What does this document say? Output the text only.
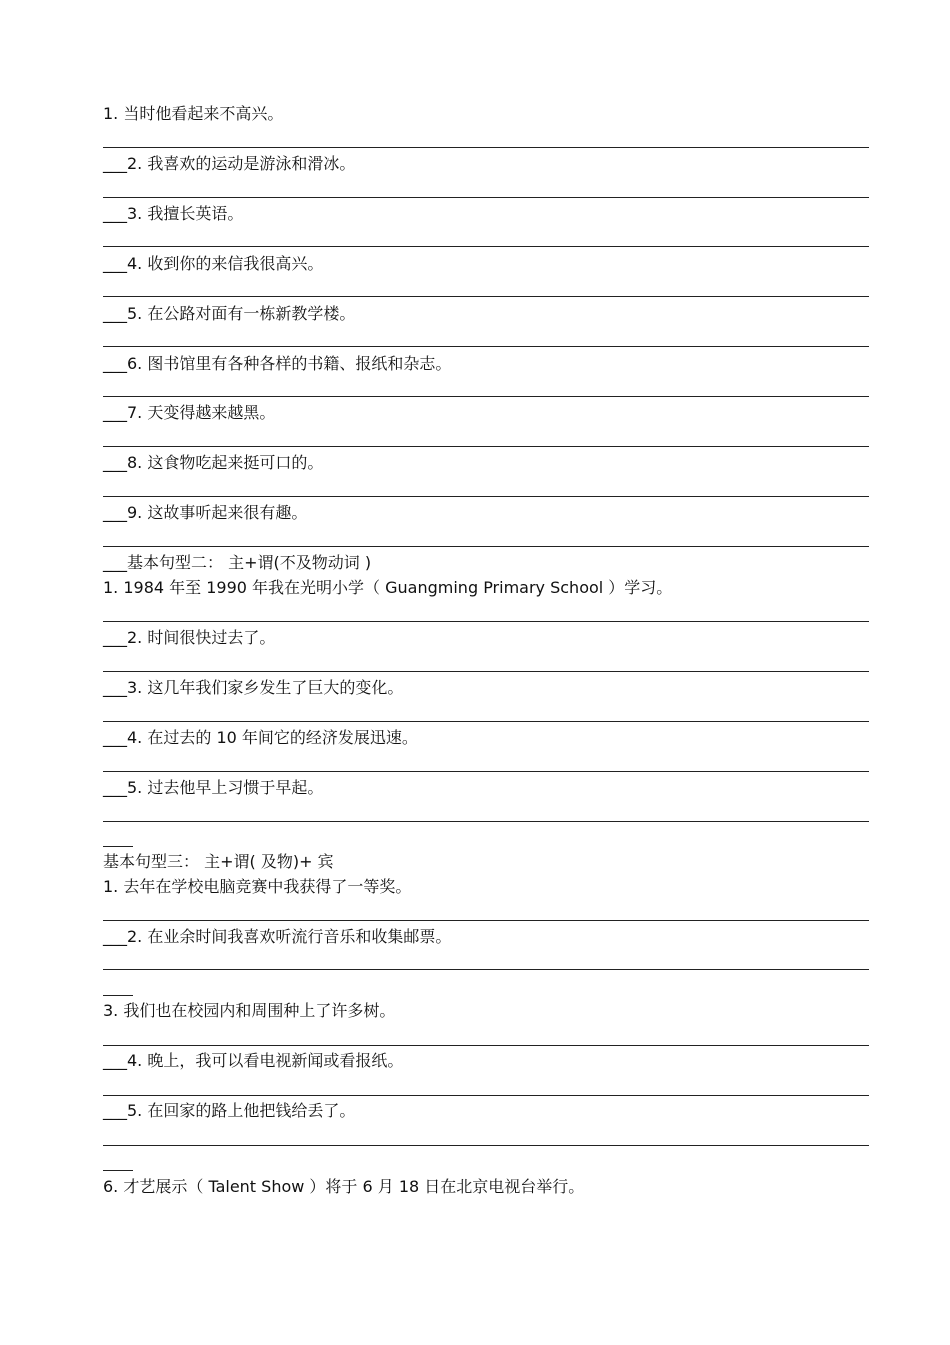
1. 当时他看起来不高兴。
___2. 我喜欢的运动是游泳和滑冰。
___3. 我擅长英语。
___4. 收到你的来信我很高兴。
___5. 在公路对面有一栋新教学楼。
___6. 图书馆里有各种各样的书籍、报纸和杂志。
___7. 天变得越来越黑。
___8. 这食物吃起来挺可口的。
___9. 这故事听起来很有趣。
___基本句型二： 主+谓(不及物动词 )
1. 1984 年至 1990 年我在光明小学（ Guangming Primary School ）学习。
___2. 时间很快过去了。
___3. 这几年我们家乡发生了巨大的变化。
___4. 在过去的 10 年间它的经济发展迅速。
___5. 过去他早上习惯于早起。
基本句型三： 主+谓( 及物)+ 宾
1. 去年在学校电脑竞赛中我获得了一等奖。
___2. 在业余时间我喜欢听流行音乐和收集邮票。
3. 我们也在校园内和周围种上了许多树。
___4. 晚上，我可以看电视新闻或看报纸。
___5. 在回家的路上他把钱给丢了。
6. 才艺展示（ Talent Show ）将于 6 月 18 日在北京电视台举行。
